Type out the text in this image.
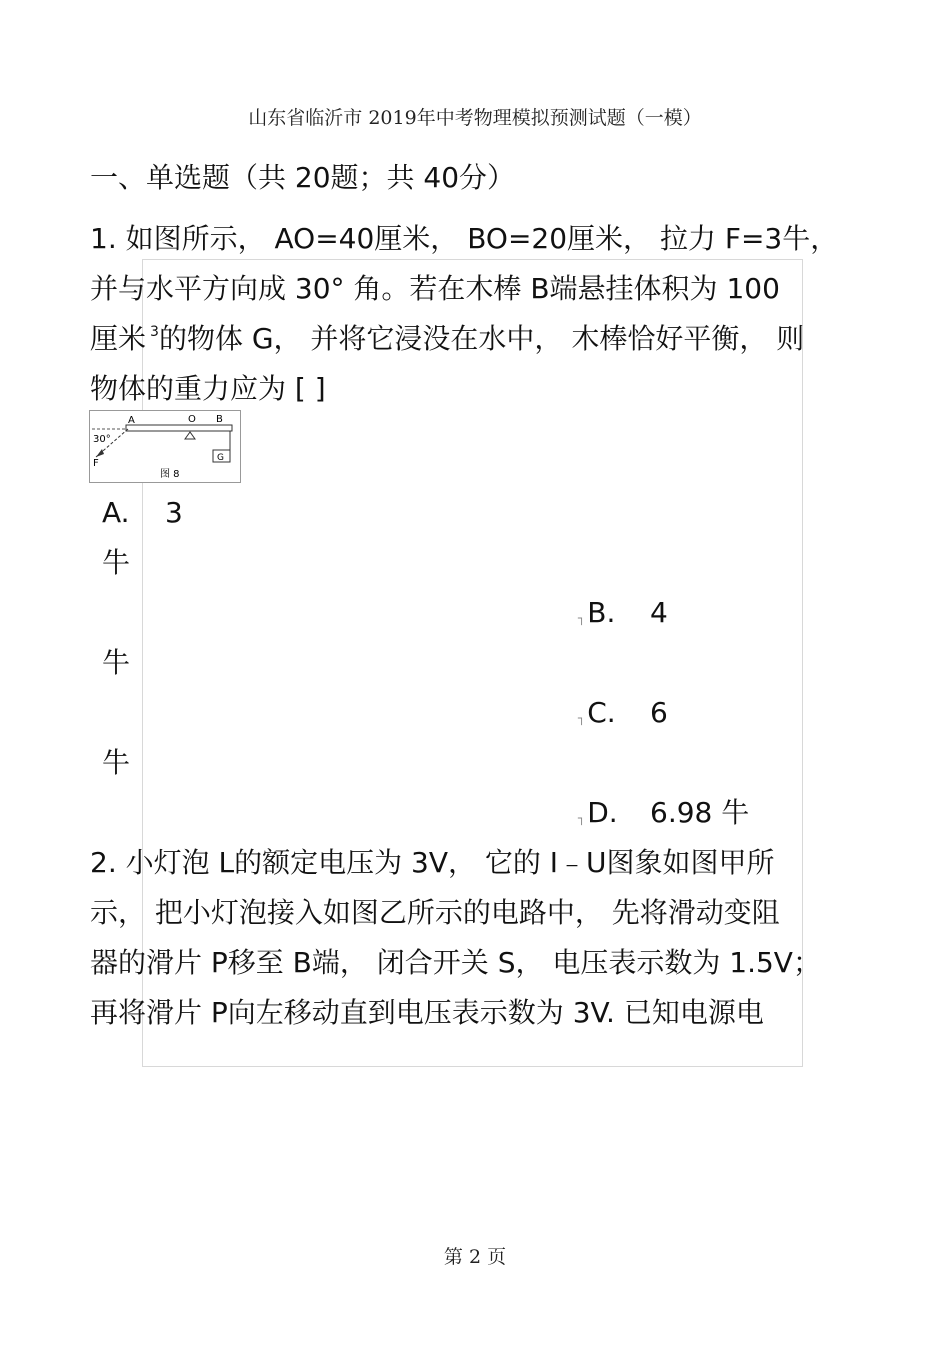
山东省临沂市 2019年中考物理模拟预测试题（一模）
一、单选题（共 20题；共 40分）
1. 如图所示， AO=40厘米， BO=20厘米， 拉力 F=3牛，
并与水平方向成 30° 角。若在木棒 B端悬挂体积为 100
厘米 $^3$的物体 G， 并将它浸没在水中， 木棒恰好平衡， 则
物体的重力应为 [ ]
A	O B
30°
F	G
图 8
A. 3
牛
┐B. 4
牛
┐C. 6
牛
┐D. 6.98 牛
2. 小灯泡 L的额定电压为 3V， 它的 I﹣U图象如图甲所
示， 把小灯泡接入如图乙所示的电路中， 先将滑动变阻
器的滑片 P移至 B端， 闭合开关 S， 电压表示数为 1.5V；
再将滑片 P向左移动直到电压表示数为 3V. 已知电源电
第 2 页
